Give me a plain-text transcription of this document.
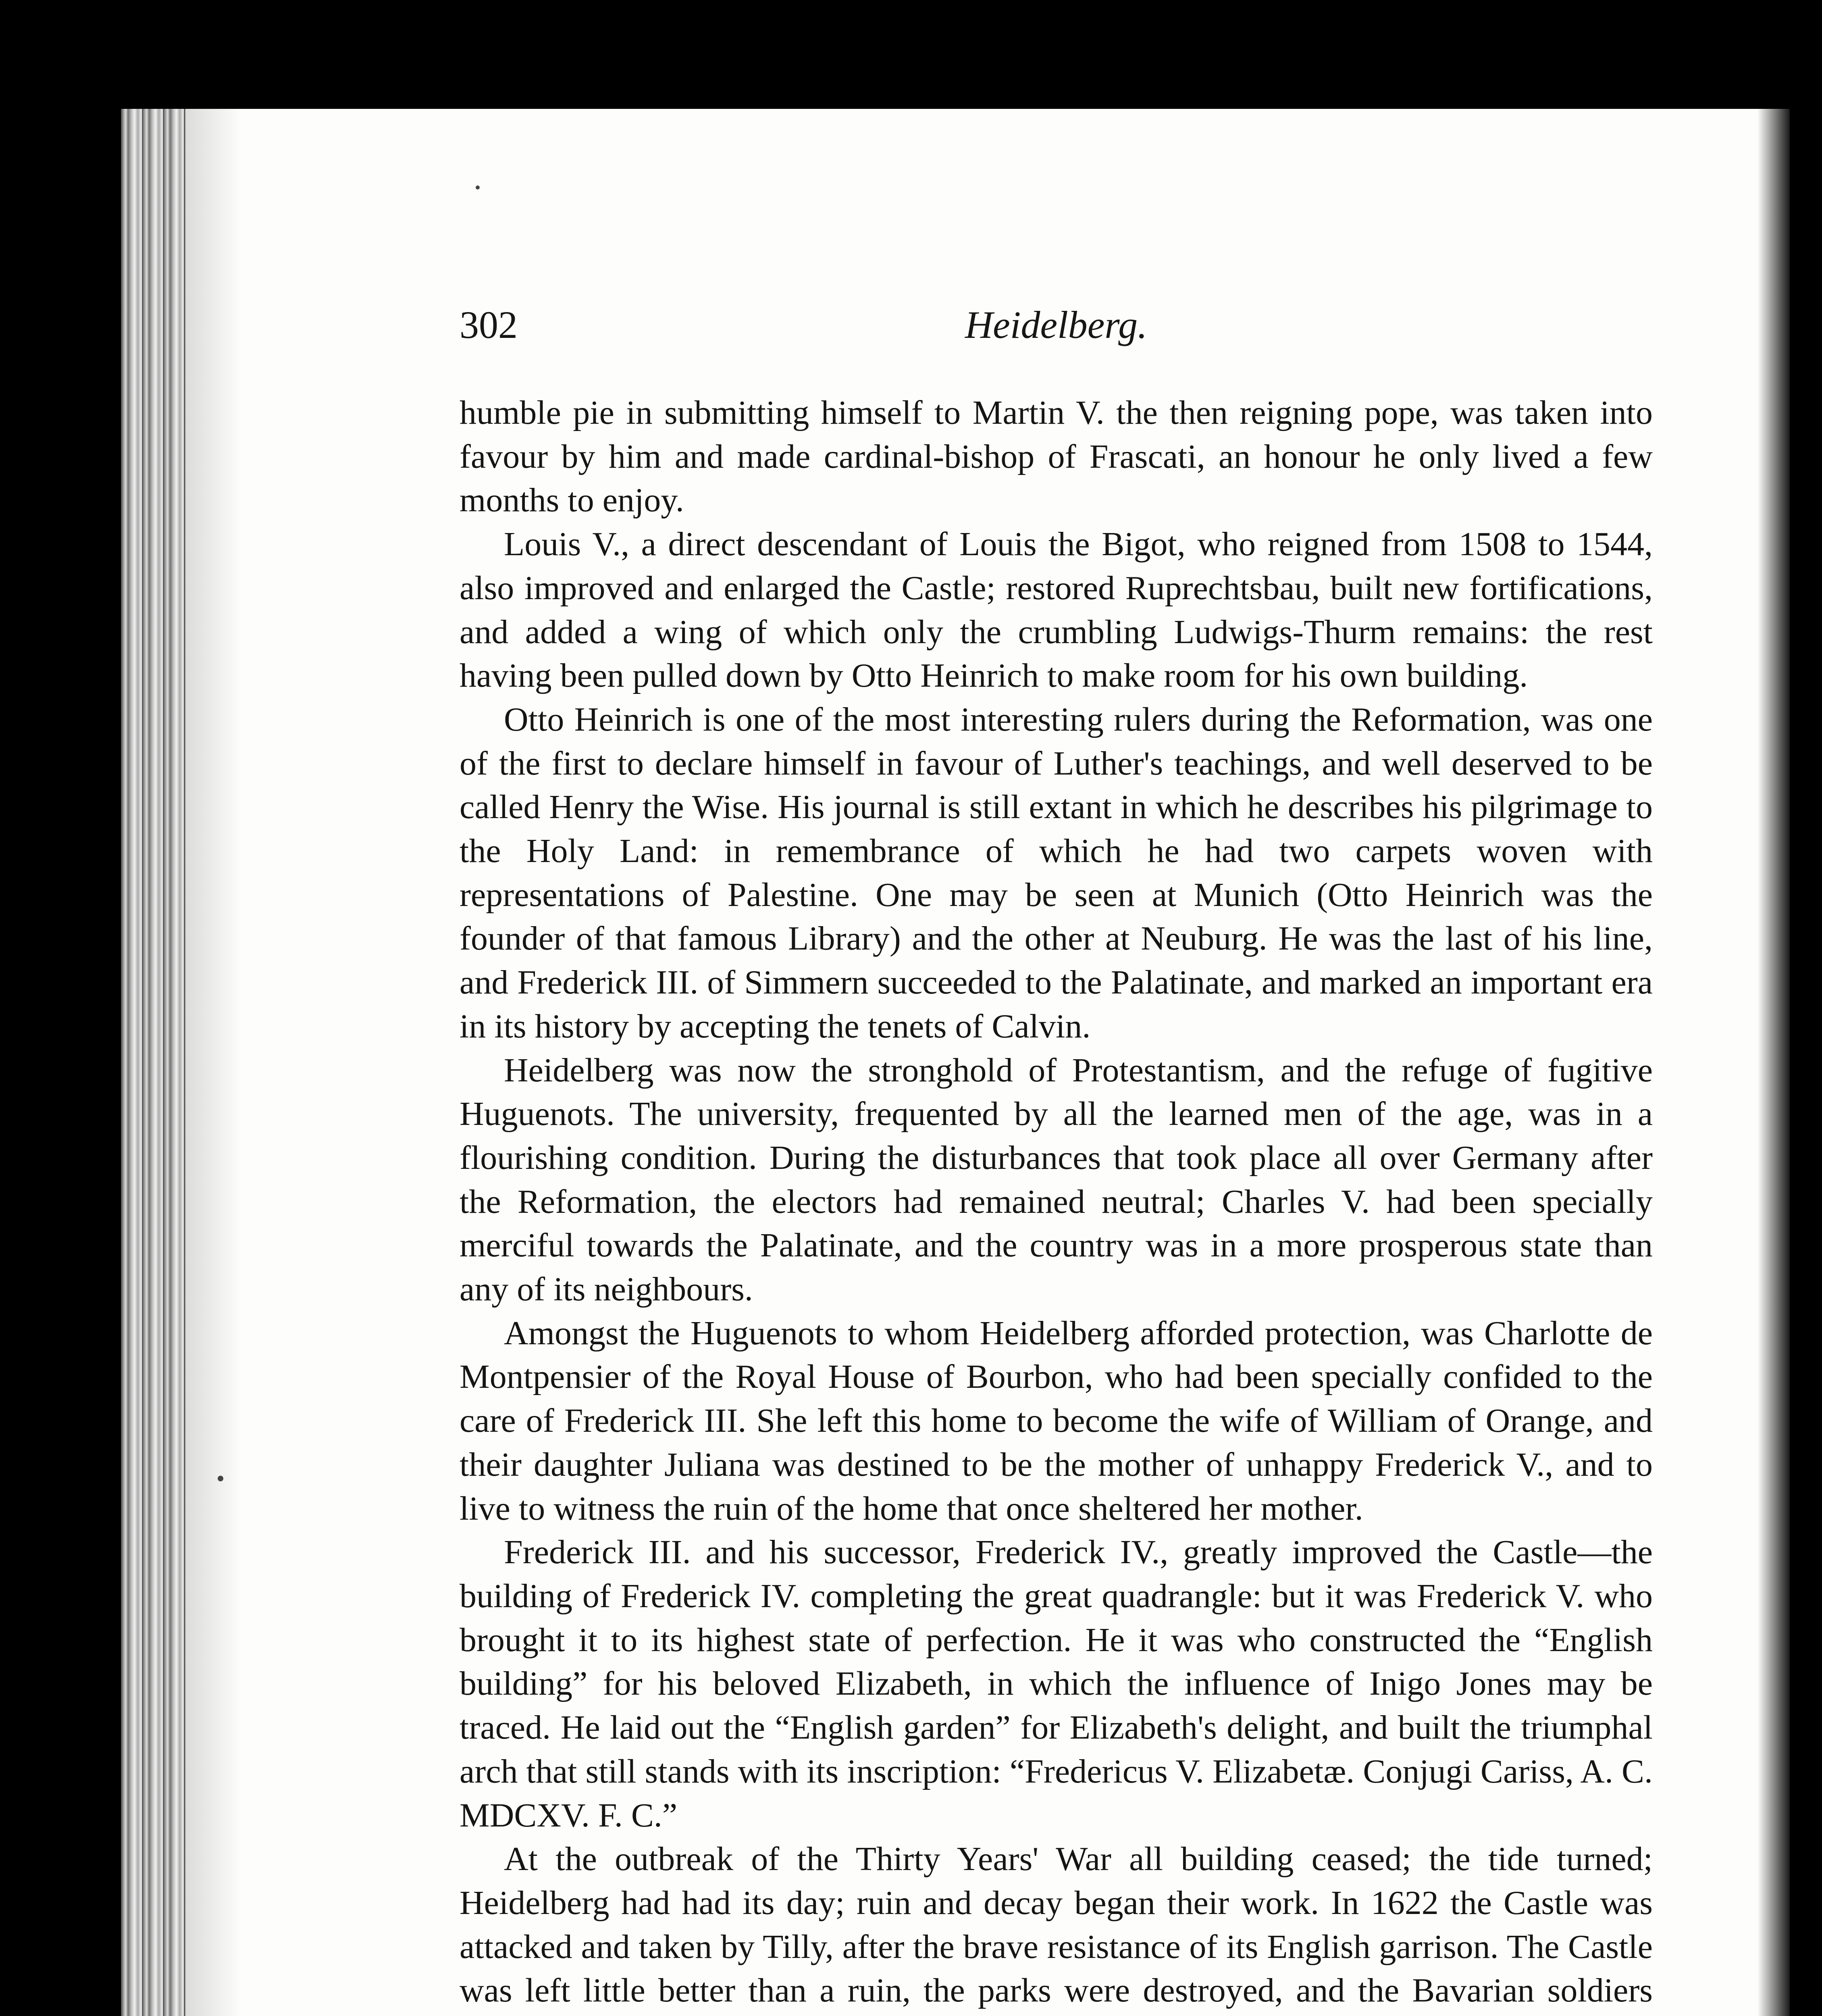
302	Heidelberg.

humble pie in submitting himself to Martin V. the then reigning pope, was taken into favour by him and made cardinal-bishop of Frascati, an honour he only lived a few months to enjoy.

Louis V., a direct descendant of Louis the Bigot, who reigned from 1508 to 1544, also improved and enlarged the Castle; restored Ruprechtsbau, built new fortifications, and added a wing of which only the crumbling Ludwigs-Thurm remains: the rest having been pulled down by Otto Heinrich to make room for his own building.

Otto Heinrich is one of the most interesting rulers during the Reformation, was one of the first to declare himself in favour of Luther's teachings, and well deserved to be called Henry the Wise. His journal is still extant in which he describes his pilgrimage to the Holy Land: in remembrance of which he had two carpets woven with representations of Palestine. One may be seen at Munich (Otto Heinrich was the founder of that famous Library) and the other at Neuburg. He was the last of his line, and Frederick III. of Simmern succeeded to the Palatinate, and marked an important era in its history by accepting the tenets of Calvin.

Heidelberg was now the stronghold of Protestantism, and the refuge of fugitive Huguenots. The university, frequented by all the learned men of the age, was in a flourishing condition. During the disturbances that took place all over Germany after the Reformation, the electors had remained neutral; Charles V. had been specially merciful towards the Palatinate, and the country was in a more prosperous state than any of its neighbours.

Amongst the Huguenots to whom Heidelberg afforded protection, was Charlotte de Montpensier of the Royal House of Bourbon, who had been specially confided to the care of Frederick III. She left this home to become the wife of William of Orange, and their daughter Juliana was destined to be the mother of unhappy Frederick V., and to live to witness the ruin of the home that once sheltered her mother.

Frederick III. and his successor, Frederick IV., greatly improved the Castle—the building of Frederick IV. completing the great quadrangle: but it was Frederick V. who brought it to its highest state of perfection. He it was who constructed the “English building” for his beloved Elizabeth, in which the influence of Inigo Jones may be traced. He laid out the “English garden” for Elizabeth's delight, and built the triumphal arch that still stands with its inscription: “Fredericus V. Elizabetæ. Conjugi Cariss, A. C. MDCXV. F. C.”

At the outbreak of the Thirty Years' War all building ceased; the tide turned; Heidelberg had had its day; ruin and decay began their work. In 1622 the Castle was attacked and taken by Tilly, after the brave resistance of its English garrison. The Castle was left little better than a ruin, the parks were destroyed, and the Bavarian soldiers
